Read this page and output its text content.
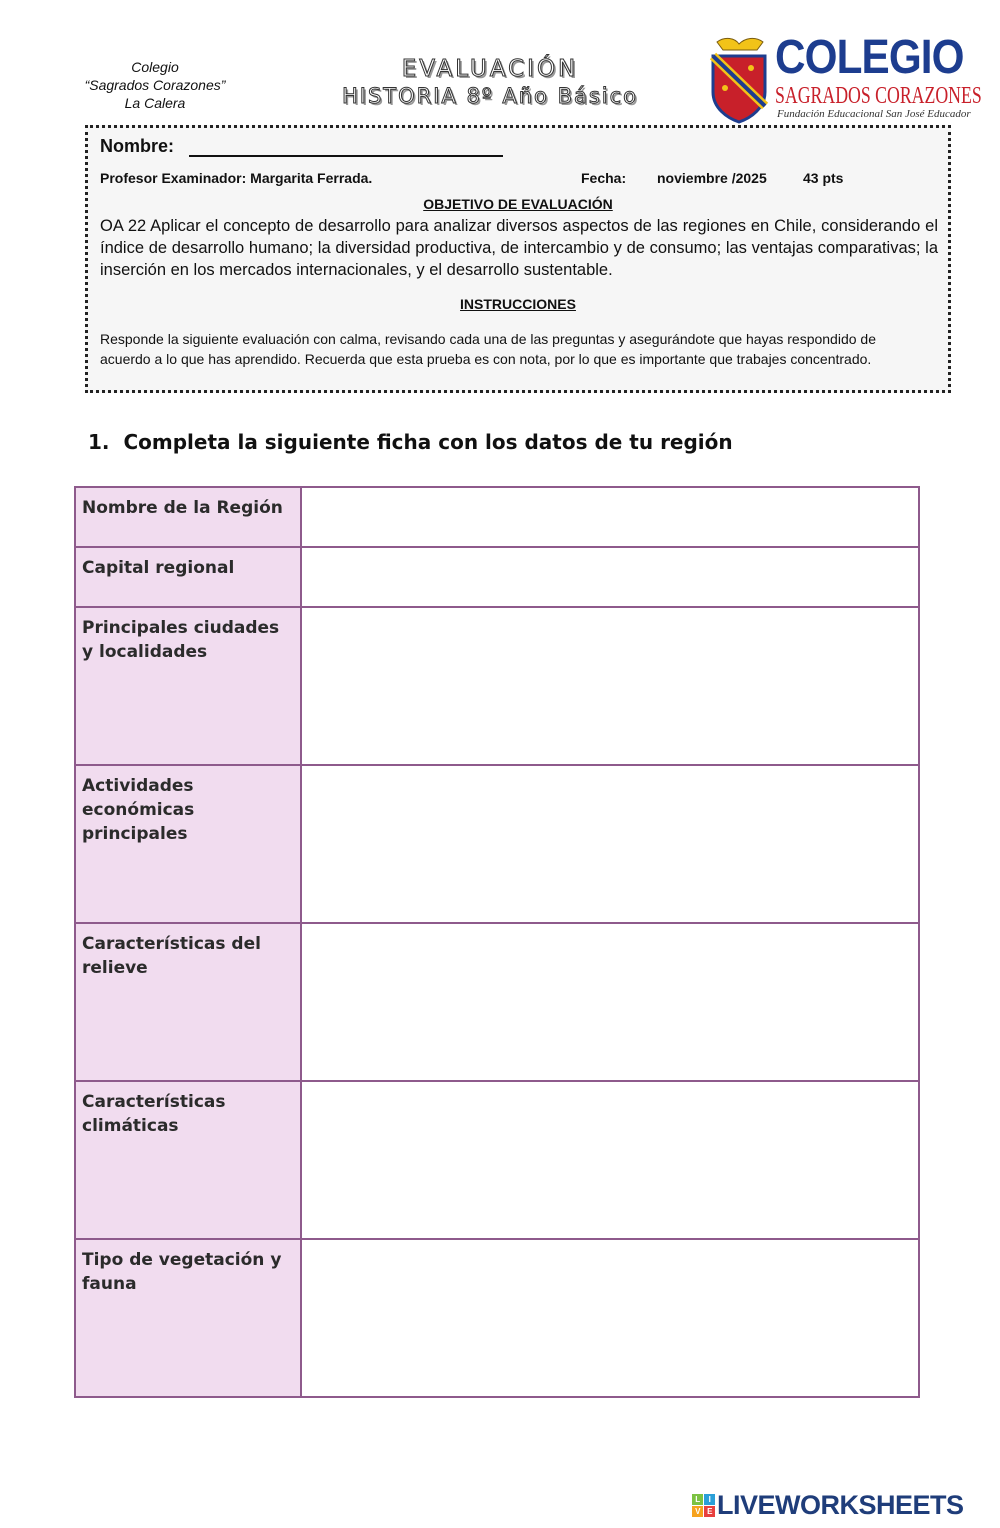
Colegio
“Sagrados Corazones”
La Calera
EVALUACIÓN
HISTORIA 8º Año Básico
COLEGIO
SAGRADOS CORAZONES
Fundación Educacional San José Educador
Nombre:
Profesor Examinador: Margarita Ferrada.	Fecha: noviembre /2025	43 pts
OBJETIVO DE EVALUACIÓN
OA 22 Aplicar el concepto de desarrollo para analizar diversos aspectos de las regiones en Chile, considerando el índice de desarrollo humano; la diversidad productiva, de intercambio y de consumo; las ventajas comparativas; la inserción en los mercados internacionales, y el desarrollo sustentable.
INSTRUCCIONES
Responde la siguiente evaluación con calma, revisando cada una de las preguntas y asegurándote que hayas respondido de acuerdo a lo que has aprendido. Recuerda que esta prueba es con nota, por lo que es importante que trabajes concentrado.
1. Completa la siguiente ficha con los datos de tu región
Nombre de la Región	
Capital regional	
Principales ciudades y localidades	
Actividades económicas principales	
Características del relieve	
Características climáticas	
Tipo de vegetación y fauna	
L	I
V E LIVEWORKSHEETS
